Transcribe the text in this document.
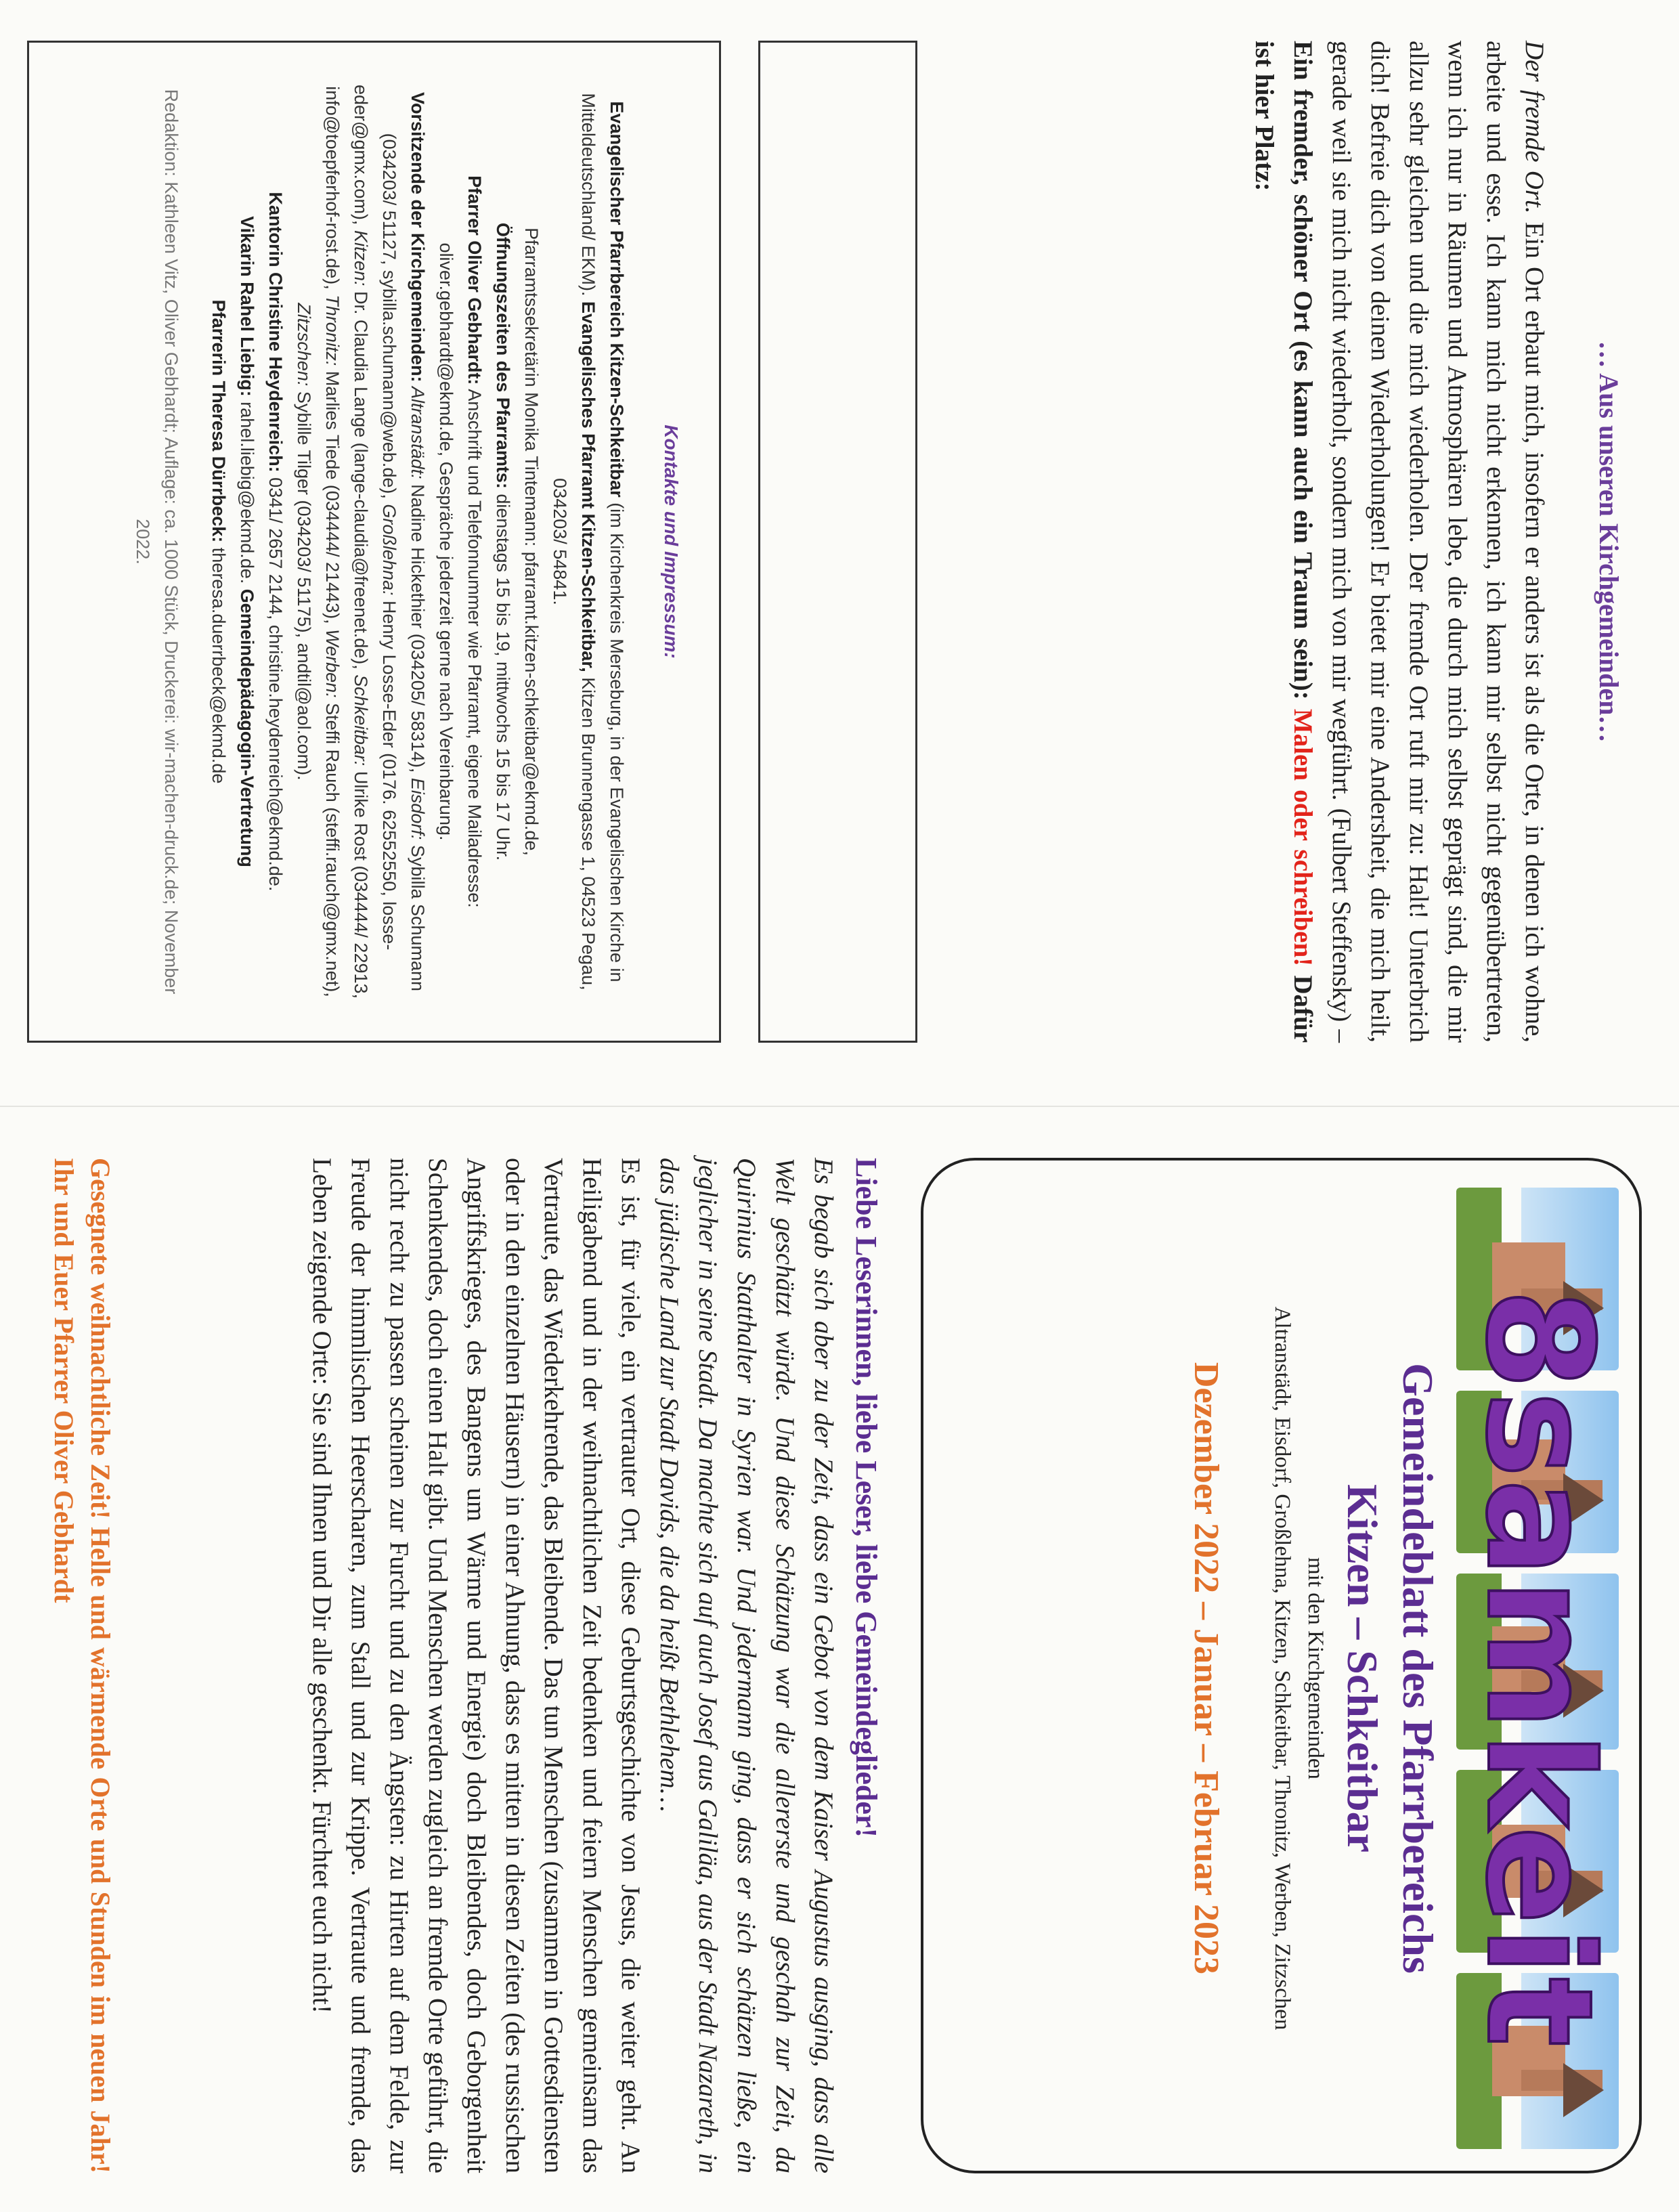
… Aus unseren Kirchgemeinden…
Der fremde Ort. Ein Ort erbaut mich, insofern er anders ist als die Orte, in denen ich wohne, arbeite und esse. Ich kann mich nicht erkennen, ich kann mir selbst nicht gegenübertreten, wenn ich nur in Räumen und Atmosphären lebe, die durch mich selbst geprägt sind, die mir allzu sehr gleichen und die mich wiederholen. Der fremde Ort ruft mir zu: Halt! Unterbrich dich! Befreie dich von deinen Wiederholungen! Er bietet mir eine Andersheit, die mich heilt, gerade weil sie mich nicht wiederholt, sondern mich von mir wegführt. (Fulbert Steffensky) – Ein fremder, schöner Ort (es kann auch ein Traum sein): Malen oder schreiben! Dafür ist hier Platz:
Kontakte und Impressum:

Evangelischer Pfarrbereich Kitzen-Schkeitbar (im Kirchenkreis Merseburg, in der Evangelischen Kirche in Mitteldeutschland/ EKM). Evangelisches Pfarramt Kitzen-Schkeitbar, Kitzen Brunnengasse 1, 04523 Pegau, 034203/ 54841.

Pfarramtssekretärin Monika Tintemann: pfarramt.kitzen-schkeitbar@ekmd.de,

Öffnungszeiten des Pfarramts: dienstags 15 bis 19, mittwochs 15 bis 17 Uhr.

Pfarrer Oliver Gebhardt: Anschrift und Telefonnummer wie Pfarramt, eigene Mailadresse: oliver.gebhardt@ekmd.de, Gespräche jederzeit gerne nach Vereinbarung.

Vorsitzende der Kirchgemeinden: Altranstädt: Nadine Hickethier (034205/ 58314), Eisdorf: Sybilla Schumann (034203/ 51127, sybilla.schumann@web.de), Großlehna: Henry Losse-Eder (0176. 62552550, losse-eder@gmx.com), Kitzen: Dr. Claudia Lange (lange-claudia@freenet.de), Schkeitbar: Ulrike Rost (034444/ 22913, info@toepferhof-rost.de), Thronitz: Marlies Tiede (034444/ 21443), Werben: Steffi Rauch (steffi.rauch@gmx.net), Zitzschen: Sybille Tilger (034203/ 51175), andtil@aol.com).

Kantorin Christine Heydenreich: 0341/ 2657 2144, christine.heydenreich@ekmd.de.

Vikarin Rahel Liebig: rahel.liebig@ekmd.de. Gemeindepädagogin-Vertretung

Pfarrerin Theresa Dürrbeck: theresa.duerrbeck@ekmd.de

Redaktion: Kathleen Vitz, Oliver Gebhardt; Auflage: ca. 1000 Stück, Druckerei: wir-machen-druck.de; November 2022.

8samkeit
Gemeindeblatt des Pfarrbereichs
Kitzen – Schkeitbar
mit den Kirchgemeinden
Altranstädt, Eisdorf, Großlehna, Kitzen, Schkeitbar, Thronitz, Werben, Zitzschen
Dezember 2022 – Januar – Februar 2023
Liebe Leserinnen, liebe Leser, liebe Gemeindeglieder!
Es begab sich aber zu der Zeit, dass ein Gebot von dem Kaiser Augustus ausging, dass alle Welt geschätzt würde. Und diese Schätzung war die allererste und geschah zur Zeit, da Quirinius Statthalter in Syrien war. Und jedermann ging, dass er sich schätzen ließe, ein jeglicher in seine Stadt. Da machte sich auf auch Josef aus Galiläa, aus der Stadt Nazareth, in das jüdische Land zur Stadt Davids, die da heißt Bethlehem…
Es ist, für viele, ein vertrauter Ort, diese Geburtsgeschichte von Jesus, die weiter geht. An Heiligabend und in der weihnachtlichen Zeit bedenken und feiern Menschen gemeinsam das Vertraute, das Wiederkehrende, das Bleibende. Das tun Menschen (zusammen in Gottesdiensten oder in den einzelnen Häusern) in einer Ahnung, dass es mitten in diesen Zeiten (des russischen Angriffskrieges, des Bangens um Wärme und Energie) doch Bleibendes, doch Geborgenheit Schenkendes, doch einen Halt gibt. Und Menschen werden zugleich an fremde Orte geführt, die nicht recht zu passen scheinen zur Furcht und zu den Ängsten: zu Hirten auf dem Felde, zur Freude der himmlischen Heerscharen, zum Stall und zur Krippe. Vertraute und fremde, das Leben zeigende Orte: Sie sind Ihnen und Dir alle geschenkt. Fürchtet euch nicht!
Gesegnete weihnachtliche Zeit! Helle und wärmende Orte und Stunden im neuen Jahr! Ihr und Euer Pfarrer Oliver Gebhardt
